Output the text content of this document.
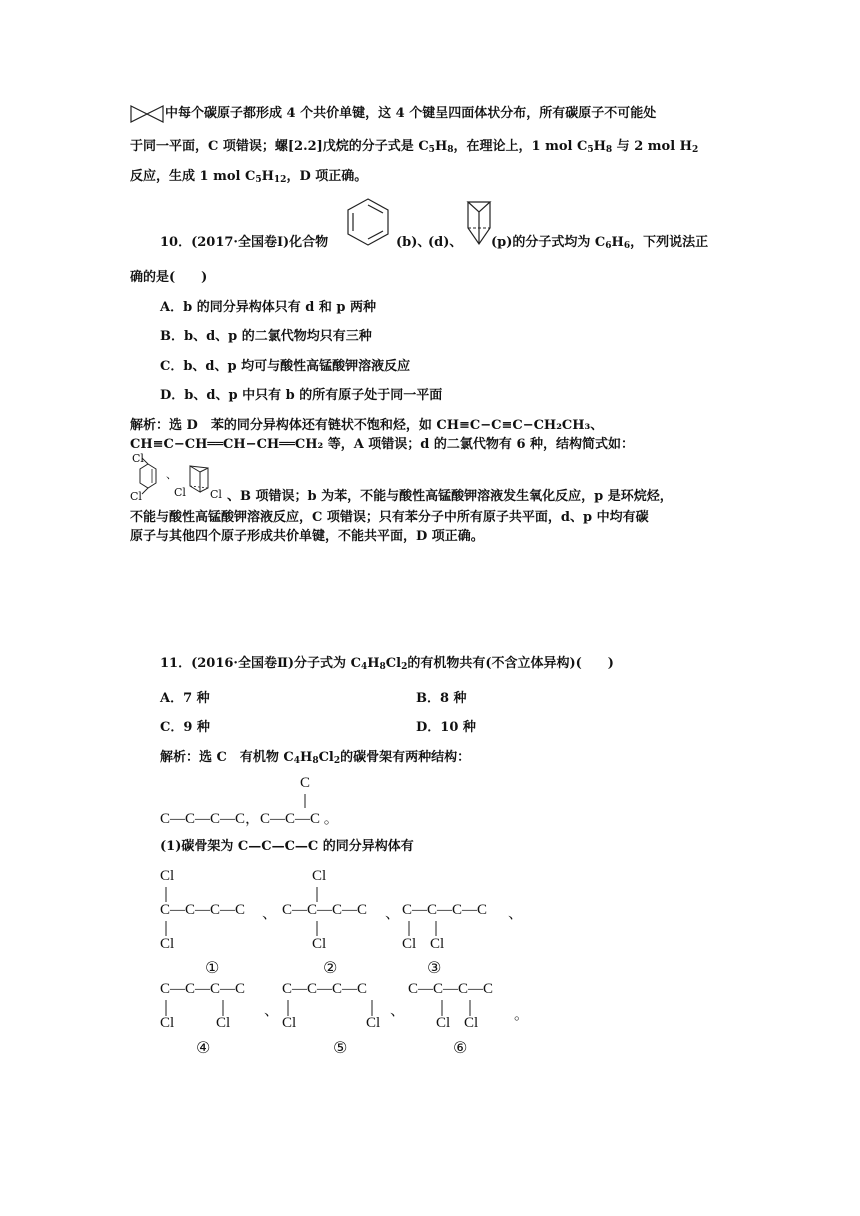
中每个碳原子都形成 4 个共价单键，这 4 个键呈四面体状分布，所有碳原子不可能处
于同一平面，C 项错误；螺[2.2]戊烷的分子式是 $C_5H_8$，在理论上，1 mol $C_5H_8$ 与 2 mol $H_2$
反应，生成 1 mol $C_5H_{12}$，D 项正确。
10．(2017·全国卷Ⅰ)化合物	(b)、
(d)、 (p)的分子式均为 $C_6H_6$，下列说法正
确的是(　　)
A．b 的同分异构体只有 d 和 p 两种
B．b、d、p 的二氯代物均只有三种
C．b、d、p 均可与酸性高锰酸钾溶液反应
D．b、d、p 中只有 b 的所有原子处于同一平面
解析：选 D　苯的同分异构体还有链状不饱和烃，如 CH≡C−C≡C−CH₂CH₃、
CH≡C−CH══CH−CH══CH₂ 等，A 项错误；d 的二氯代物有 6 种，结构简式如：
Cl
Cl
、
Cl Cl 、B 项错误；b 为苯，不能与酸性高锰酸钾溶液发生氧化反应，p 是环烷烃，
不能与酸性高锰酸钾溶液反应，C 项错误；只有苯分子中所有原子共平面，d、p 中均有碳
原子与其他四个原子形成共价单键，不能共平面，D 项正确。
11．(2016·全国卷Ⅱ)分子式为 $C_4H_8Cl_2$的有机物共有(不含立体异构)(　　)
A．7 种	B．8 种
C．9 种	D．10 种
解析：选 C　有机物 $C_4H_8Cl_2$的碳骨架有两种结构：
C
C—C—C—C，C—C—C 。
(1)碳骨架为 C—C—C—C 的同分异构体有
Cl
C—C—C—C
Cl
、
Cl
C—C—C—C
Cl
、 C—C—C—C
Cl Cl
、
①	②	③
C—C—C—C
Cl	Cl
、
C—C—C—C
Cl	Cl
、
C—C—C—C
Cl Cl 。
④	⑤	⑥
